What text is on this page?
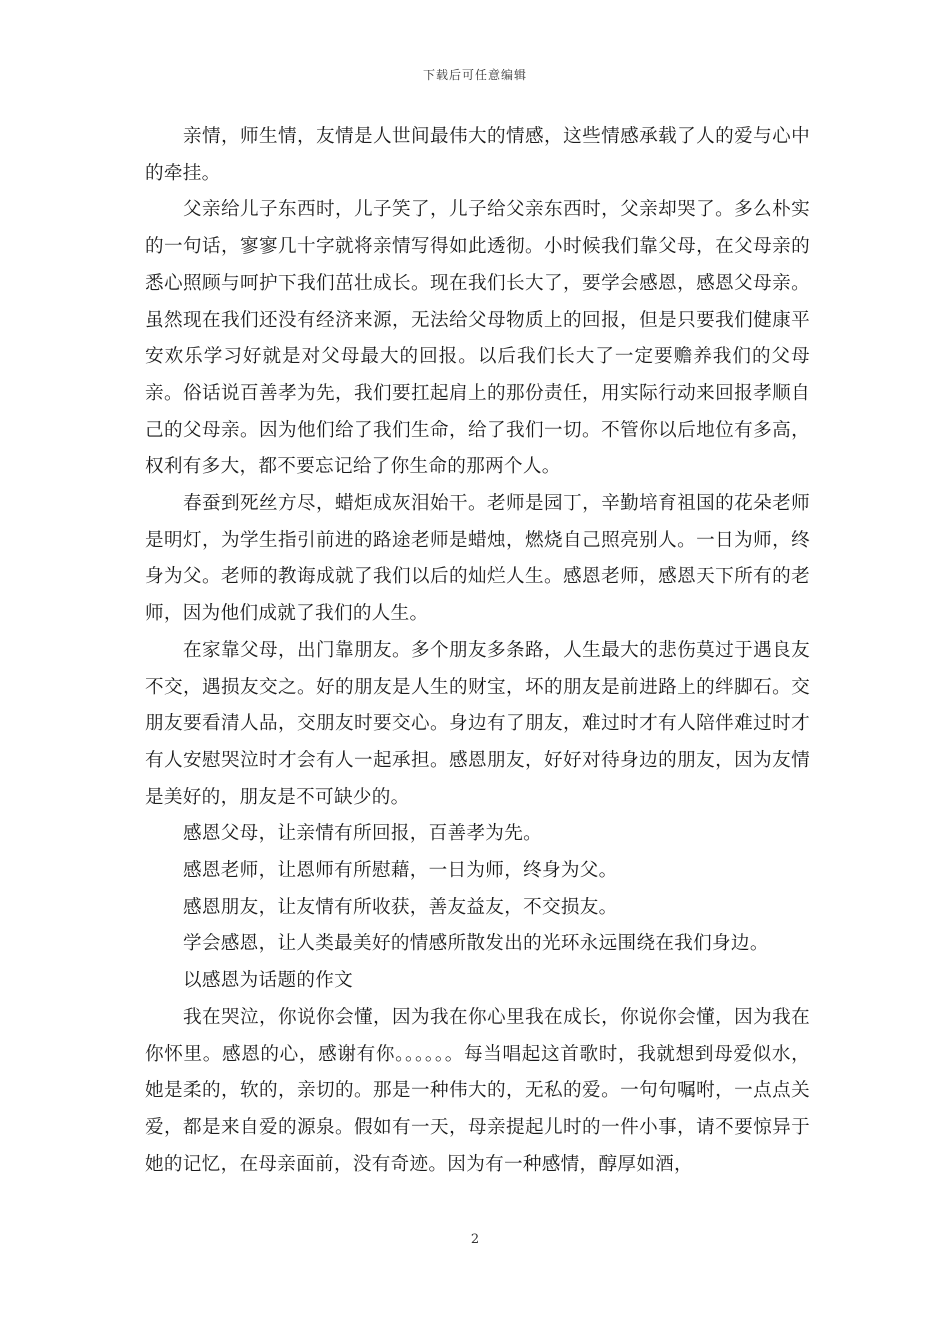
下载后可任意编辑

亲情，师生情，友情是人世间最伟大的情感，这些情感承载了人的爱与心中的牵挂。

父亲给儿子东西时，儿子笑了，儿子给父亲东西时，父亲却哭了。多么朴实的一句话，寥寥几十字就将亲情写得如此透彻。小时候我们靠父母，在父母亲的悉心照顾与呵护下我们茁壮成长。现在我们长大了，要学会感恩，感恩父母亲。虽然现在我们还没有经济来源，无法给父母物质上的回报，但是只要我们健康平安欢乐学习好就是对父母最大的回报。以后我们长大了一定要赡养我们的父母亲。俗话说百善孝为先，我们要扛起肩上的那份责任，用实际行动来回报孝顺自己的父母亲。因为他们给了我们生命，给了我们一切。不管你以后地位有多高，权利有多大，都不要忘记给了你生命的那两个人。

春蚕到死丝方尽，蜡炬成灰泪始干。老师是园丁，辛勤培育祖国的花朵老师是明灯，为学生指引前进的路途老师是蜡烛，燃烧自己照亮别人。一日为师，终身为父。老师的教诲成就了我们以后的灿烂人生。感恩老师，感恩天下所有的老师，因为他们成就了我们的人生。

在家靠父母，出门靠朋友。多个朋友多条路，人生最大的悲伤莫过于遇良友不交，遇损友交之。好的朋友是人生的财宝，坏的朋友是前进路上的绊脚石。交朋友要看清人品，交朋友时要交心。身边有了朋友，难过时才有人陪伴难过时才有人安慰哭泣时才会有人一起承担。感恩朋友，好好对待身边的朋友，因为友情是美好的，朋友是不可缺少的。

感恩父母，让亲情有所回报，百善孝为先。

感恩老师，让恩师有所慰藉，一日为师，终身为父。

感恩朋友，让友情有所收获，善友益友，不交损友。

学会感恩，让人类最美好的情感所散发出的光环永远围绕在我们身边。

以感恩为话题的作文

我在哭泣，你说你会懂，因为我在你心里我在成长，你说你会懂，因为我在你怀里。感恩的心，感谢有你。。。。。。每当唱起这首歌时，我就想到母爱似水，她是柔的，软的，亲切的。那是一种伟大的，无私的爱。一句句嘱咐，一点点关爱，都是来自爱的源泉。假如有一天，母亲提起儿时的一件小事，请不要惊异于她的记忆，在母亲面前，没有奇迹。因为有一种感情，醇厚如酒，

2
